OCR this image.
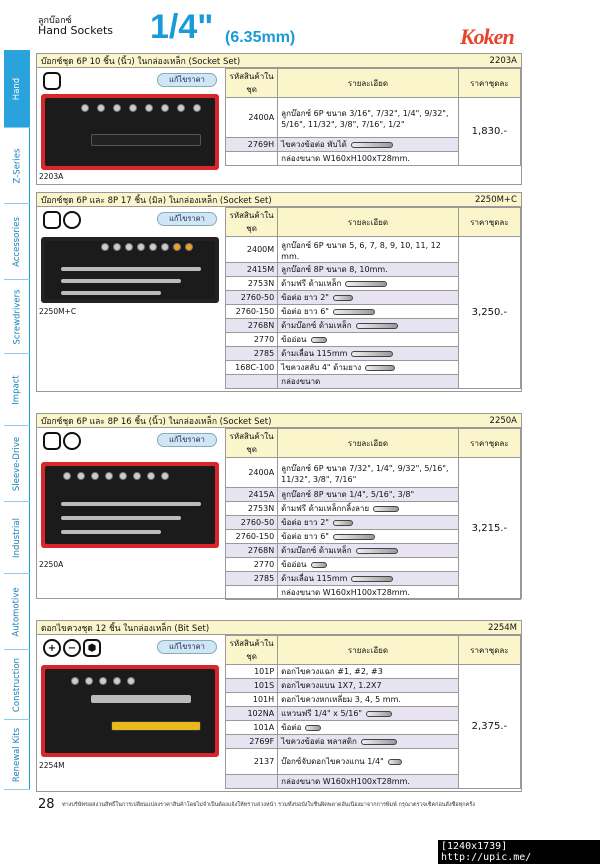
ลูกบ๊อกซ์
Hand Sockets 1/4" (6.35mm)	Koken
Hand
Z-Series
Accessories
Screwdrivers
Impact
Sleeve-Drive
Industrial
Automotive
Construction
Renewal Kits
บ๊อกซ์ชุด 6P 10 ชิ้น (นิ้ว) ในกล่องเหล็ก (Socket Set)	2203A
แก้ไขราคา
2203A
รหัสสินค้าในชุด	รายละเอียด	ราคาชุดละ
2400A	ลูกบ๊อกซ์ 6P ขนาด 3/16", 7/32", 1/4", 9/32", 5/16", 11/32", 3/8", 7/16", 1/2"	1,830.-
2769H	ไขควงข้อต่อ พับได้	
	กล่องขนาด W160xH100xT28mm.	
บ๊อกซ์ชุด 6P และ 8P 17 ชิ้น (มิล) ในกล่องเหล็ก (Socket Set)	2250M+C
แก้ไขราคา
2250M+C
รหัสสินค้าในชุด	รายละเอียด	ราคาชุดละ
2400M	ลูกบ๊อกซ์ 6P ขนาด 5, 6, 7, 8, 9, 10, 11, 12 mm.	3,250.-
2415M	ลูกบ๊อกซ์ 8P ขนาด 8, 10mm.	
2753N	ด้ามฟรี ด้ามเหล็ก	
2760-50	ข้อต่อ ยาว 2"	
2760-150	ข้อต่อ ยาว 6"	
2768N	ด้ามบ๊อกซ์ ด้ามเหล็ก	
2770	ข้ออ่อน	
2785	ด้ามเลื่อน 115mm	
168C-100	ไขควงสลับ 4" ด้ามยาง	
	กล่องขนาด	
บ๊อกซ์ชุด 6P และ 8P 16 ชิ้น (นิ้ว) ในกล่องเหล็ก (Socket Set)	2250A
แก้ไขราคา
2250A
รหัสสินค้าในชุด	รายละเอียด	ราคาชุดละ
2400A	ลูกบ๊อกซ์ 6P ขนาด 7/32", 1/4", 9/32", 5/16", 11/32", 3/8", 7/16"	3,215.-
2415A	ลูกบ๊อกซ์ 8P ขนาด 1/4", 5/16", 3/8"	
2753N	ด้ามฟรี ด้ามเหล็กกลิ้งลาย	
2760-50	ข้อต่อ ยาว 2"	
2760-150	ข้อต่อ ยาว 6"	
2768N	ด้ามบ๊อกซ์ ด้ามเหล็ก	
2770	ข้ออ่อน	
2785	ด้ามเลื่อน 115mm	
	กล่องขนาด W160xH100xT28mm.	
ดอกไขควงชุด 12 ชิ้น ในกล่องเหล็ก (Bit Set)	2254M
+	−	⬢	แก้ไขราคา
2254M
รหัสสินค้าในชุด	รายละเอียด	ราคาชุดละ
101P	ดอกไขควงแฉก #1, #2, #3	2,375.-
101S	ดอกไขควงแบน 1X7, 1.2X7	
101H	ดอกไขควงหกเหลี่ยม 3, 4, 5 mm.	
102NA	แหวนฟรี 1/4" x 5/16"	
101A	ข้อต่อ	
2769F	ไขควงข้อต่อ พลาสติก	
2137	บ๊อกซ์จับดอกไขควงแกน 1/4"	
	กล่องขนาด W160xH100xT28mm.	
28 ทางบริษัทขอสงวนสิทธิ์ในการเปลี่ยนแปลงราคาสินค้าโดยไม่จำเป็นต้องแจ้งให้ทราบล่วงหน้า รวมทั้งขอบังใบชิ้นผิดพลาดอันเนื่องมาจากการพิมพ์ กรุณาตรวจเช็คก่อนสั่งซื้อทุกครั้ง
[1240x1739] http://upic.me/
